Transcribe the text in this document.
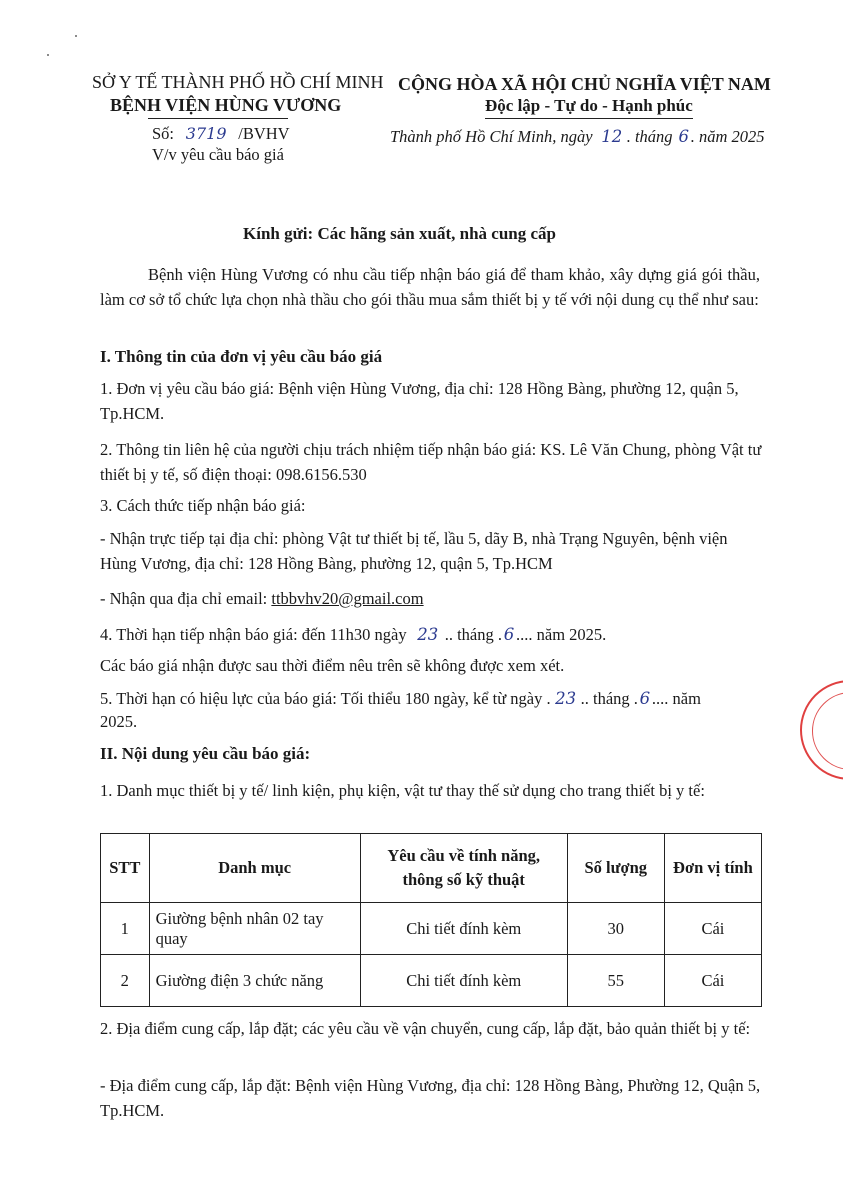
SỞ Y TẾ THÀNH PHỐ HỒ CHÍ MINH
BỆNH VIỆN HÙNG VƯƠNG
Số: 3719 /BVHV
V/v yêu cầu báo giá
CỘNG HÒA XÃ HỘI CHỦ NGHĨA VIỆT NAM
Độc lập - Tự do - Hạnh phúc
Thành phố Hồ Chí Minh, ngày 12 . tháng 6 . năm 2025
Kính gửi: Các hãng sản xuất, nhà cung cấp
Bệnh viện Hùng Vương có nhu cầu tiếp nhận báo giá để tham khảo, xây dựng giá gói thầu, làm cơ sở tổ chức lựa chọn nhà thầu cho gói thầu mua sắm thiết bị y tế với nội dung cụ thể như sau:
I. Thông tin của đơn vị yêu cầu báo giá
1. Đơn vị yêu cầu báo giá: Bệnh viện Hùng Vương, địa chỉ: 128 Hồng Bàng, phường 12, quận 5, Tp.HCM.
2. Thông tin liên hệ của người chịu trách nhiệm tiếp nhận báo giá: KS. Lê Văn Chung, phòng Vật tư thiết bị y tế, số điện thoại: 098.6156.530
3. Cách thức tiếp nhận báo giá:
- Nhận trực tiếp tại địa chỉ: phòng Vật tư thiết bị tế, lầu 5, dãy B, nhà Trạng Nguyên, bệnh viện Hùng Vương, địa chỉ: 128 Hồng Bàng, phường 12, quận 5, Tp.HCM
- Nhận qua địa chỉ email: ttbbvhv20@gmail.com
4. Thời hạn tiếp nhận báo giá: đến 11h30 ngày 23 .. tháng . 6 .... năm 2025.
Các báo giá nhận được sau thời điểm nêu trên sẽ không được xem xét.
5. Thời hạn có hiệu lực của báo giá: Tối thiểu 180 ngày, kể từ ngày . 23 .. tháng . 6 .... năm
2025.
II. Nội dung yêu cầu báo giá:
1. Danh mục thiết bị y tế/ linh kiện, phụ kiện, vật tư thay thế sử dụng cho trang thiết bị y tế:
STT	Danh mục	Yêu cầu về tính năng, thông số kỹ thuật	Số lượng	Đơn vị tính
1	Giường bệnh nhân 02 tay quay	Chi tiết đính kèm	30	Cái
2	Giường điện 3 chức năng	Chi tiết đính kèm	55	Cái
2. Địa điểm cung cấp, lắp đặt; các yêu cầu về vận chuyển, cung cấp, lắp đặt, bảo quản thiết bị y tế:
- Địa điểm cung cấp, lắp đặt: Bệnh viện Hùng Vương, địa chỉ: 128 Hồng Bàng, Phường 12, Quận 5, Tp.HCM.
